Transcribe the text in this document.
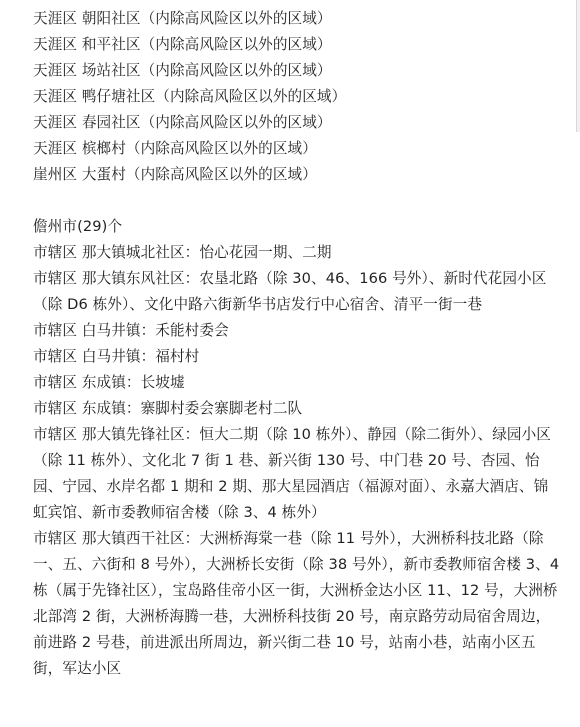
天涯区 朝阳社区（内除高风险区以外的区域）
天涯区 和平社区（内除高风险区以外的区域）
天涯区 场站社区（内除高风险区以外的区域）
天涯区 鸭仔塘社区（内除高风险区以外的区域）
天涯区 春园社区（内除高风险区以外的区域）
天涯区 槟榔村（内除高风险区以外的区域）
崖州区 大蛋村（内除高风险区以外的区域）
儋州市(29)个
市辖区 那大镇城北社区：怡心花园一期、二期
市辖区 那大镇东风社区：农垦北路（除 30、46、166 号外）、新时代花园小区（除 D6 栋外）、文化中路六街新华书店发行中心宿舍、清平一街一巷
市辖区 白马井镇：禾能村委会
市辖区 白马井镇：福村村
市辖区 东成镇：长坡墟
市辖区 东成镇：寨脚村委会寨脚老村二队
市辖区 那大镇先锋社区：恒大二期（除 10 栋外）、静园（除二街外）、绿园小区（除 11 栋外）、文化北 7 街 1 巷、新兴街 130 号、中门巷 20 号、杏园、怡园、宁园、水岸名都 1 期和 2 期、那大星园酒店（福源对面）、永嘉大酒店、锦虹宾馆、新市委教师宿舍楼（除 3、4 栋外）
市辖区 那大镇西干社区：大洲桥海棠一巷（除 11 号外），大洲桥科技北路（除一、五、六街和 8 号外），大洲桥长安街（除 38 号外），新市委教师宿舍楼 3、4 栋（属于先锋社区），宝岛路佳帝小区一街，大洲桥金达小区 11、12 号，大洲桥北部湾 2 街，大洲桥海腾一巷，大洲桥科技街 20 号，南京路劳动局宿舍周边，前进路 2 号巷，前进派出所周边，新兴街二巷 10 号，站南小巷，站南小区五街，军达小区
